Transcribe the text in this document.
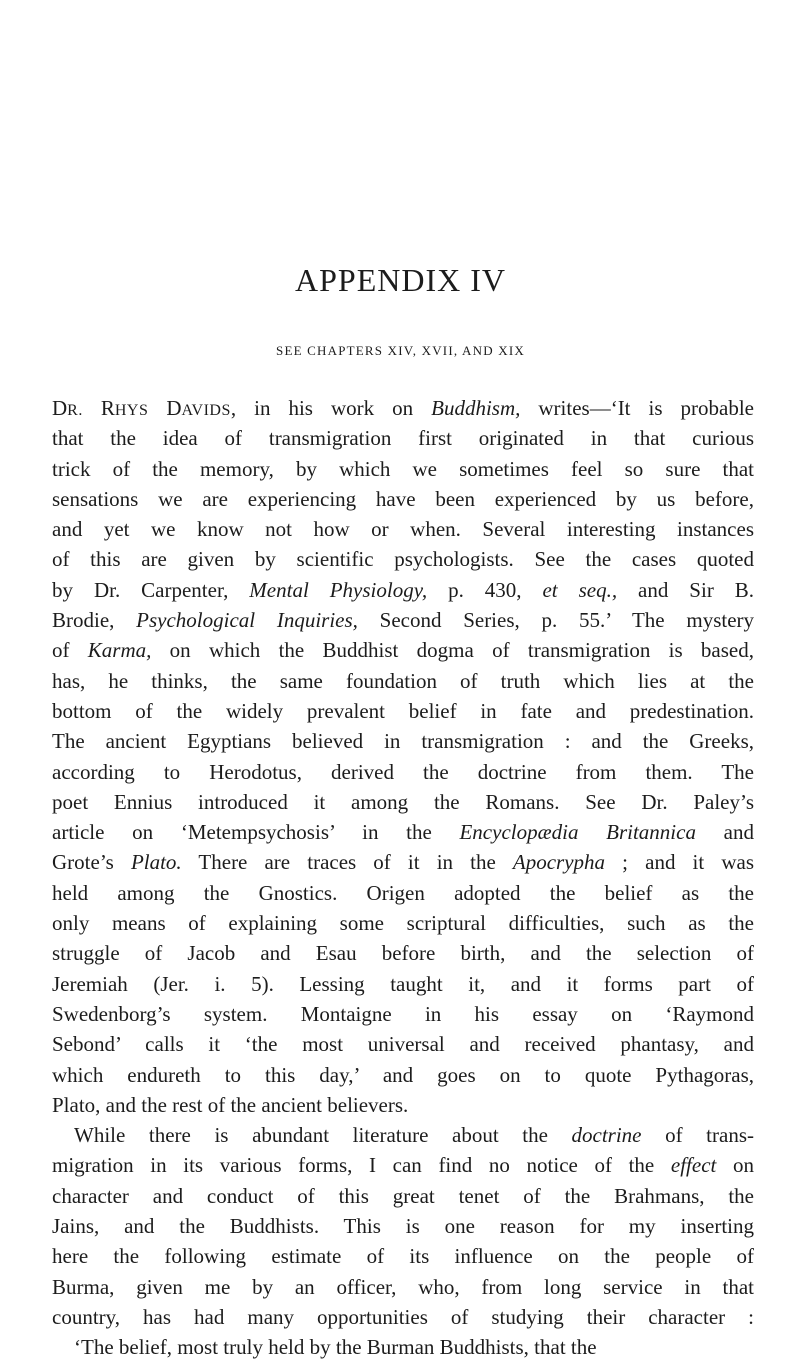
APPENDIX IV
SEE CHAPTERS XIV, XVII, AND XIX
DR. RHYS DAVIDS, in his work on Buddhism, writes—‘It is probable
that the idea of transmigration first originated in that curious
trick of the memory, by which we sometimes feel so sure that
sensations we are experiencing have been experienced by us before,
and yet we know not how or when. Several interesting instances
of this are given by scientific psychologists. See the cases quoted
by Dr. Carpenter, Mental Physiology, p. 430, et seq., and Sir B.
Brodie, Psychological Inquiries, Second Series, p. 55.’ The mystery
of Karma, on which the Buddhist dogma of transmigration is based,
has, he thinks, the same foundation of truth which lies at the
bottom of the widely prevalent belief in fate and predestination.
The ancient Egyptians believed in transmigration : and the Greeks,
according to Herodotus, derived the doctrine from them. The
poet Ennius introduced it among the Romans. See Dr. Paley’s
article on ‘Metempsychosis’ in the Encyclopædia Britannica and
Grote’s Plato. There are traces of it in the Apocrypha ; and it was
held among the Gnostics. Origen adopted the belief as the
only means of explaining some scriptural difficulties, such as the
struggle of Jacob and Esau before birth, and the selection of
Jeremiah (Jer. i. 5). Lessing taught it, and it forms part of
Swedenborg’s system. Montaigne in his essay on ‘Raymond
Sebond’ calls it ‘the most universal and received phantasy, and
which endureth to this day,’ and goes on to quote Pythagoras,
Plato, and the rest of the ancient believers.
While there is abundant literature about the doctrine of trans-
migration in its various forms, I can find no notice of the effect on
character and conduct of this great tenet of the Brahmans, the
Jains, and the Buddhists. This is one reason for my inserting
here the following estimate of its influence on the people of
Burma, given me by an officer, who, from long service in that
country, has had many opportunities of studying their character :
‘The belief, most truly held by the Burman Buddhists, that the
